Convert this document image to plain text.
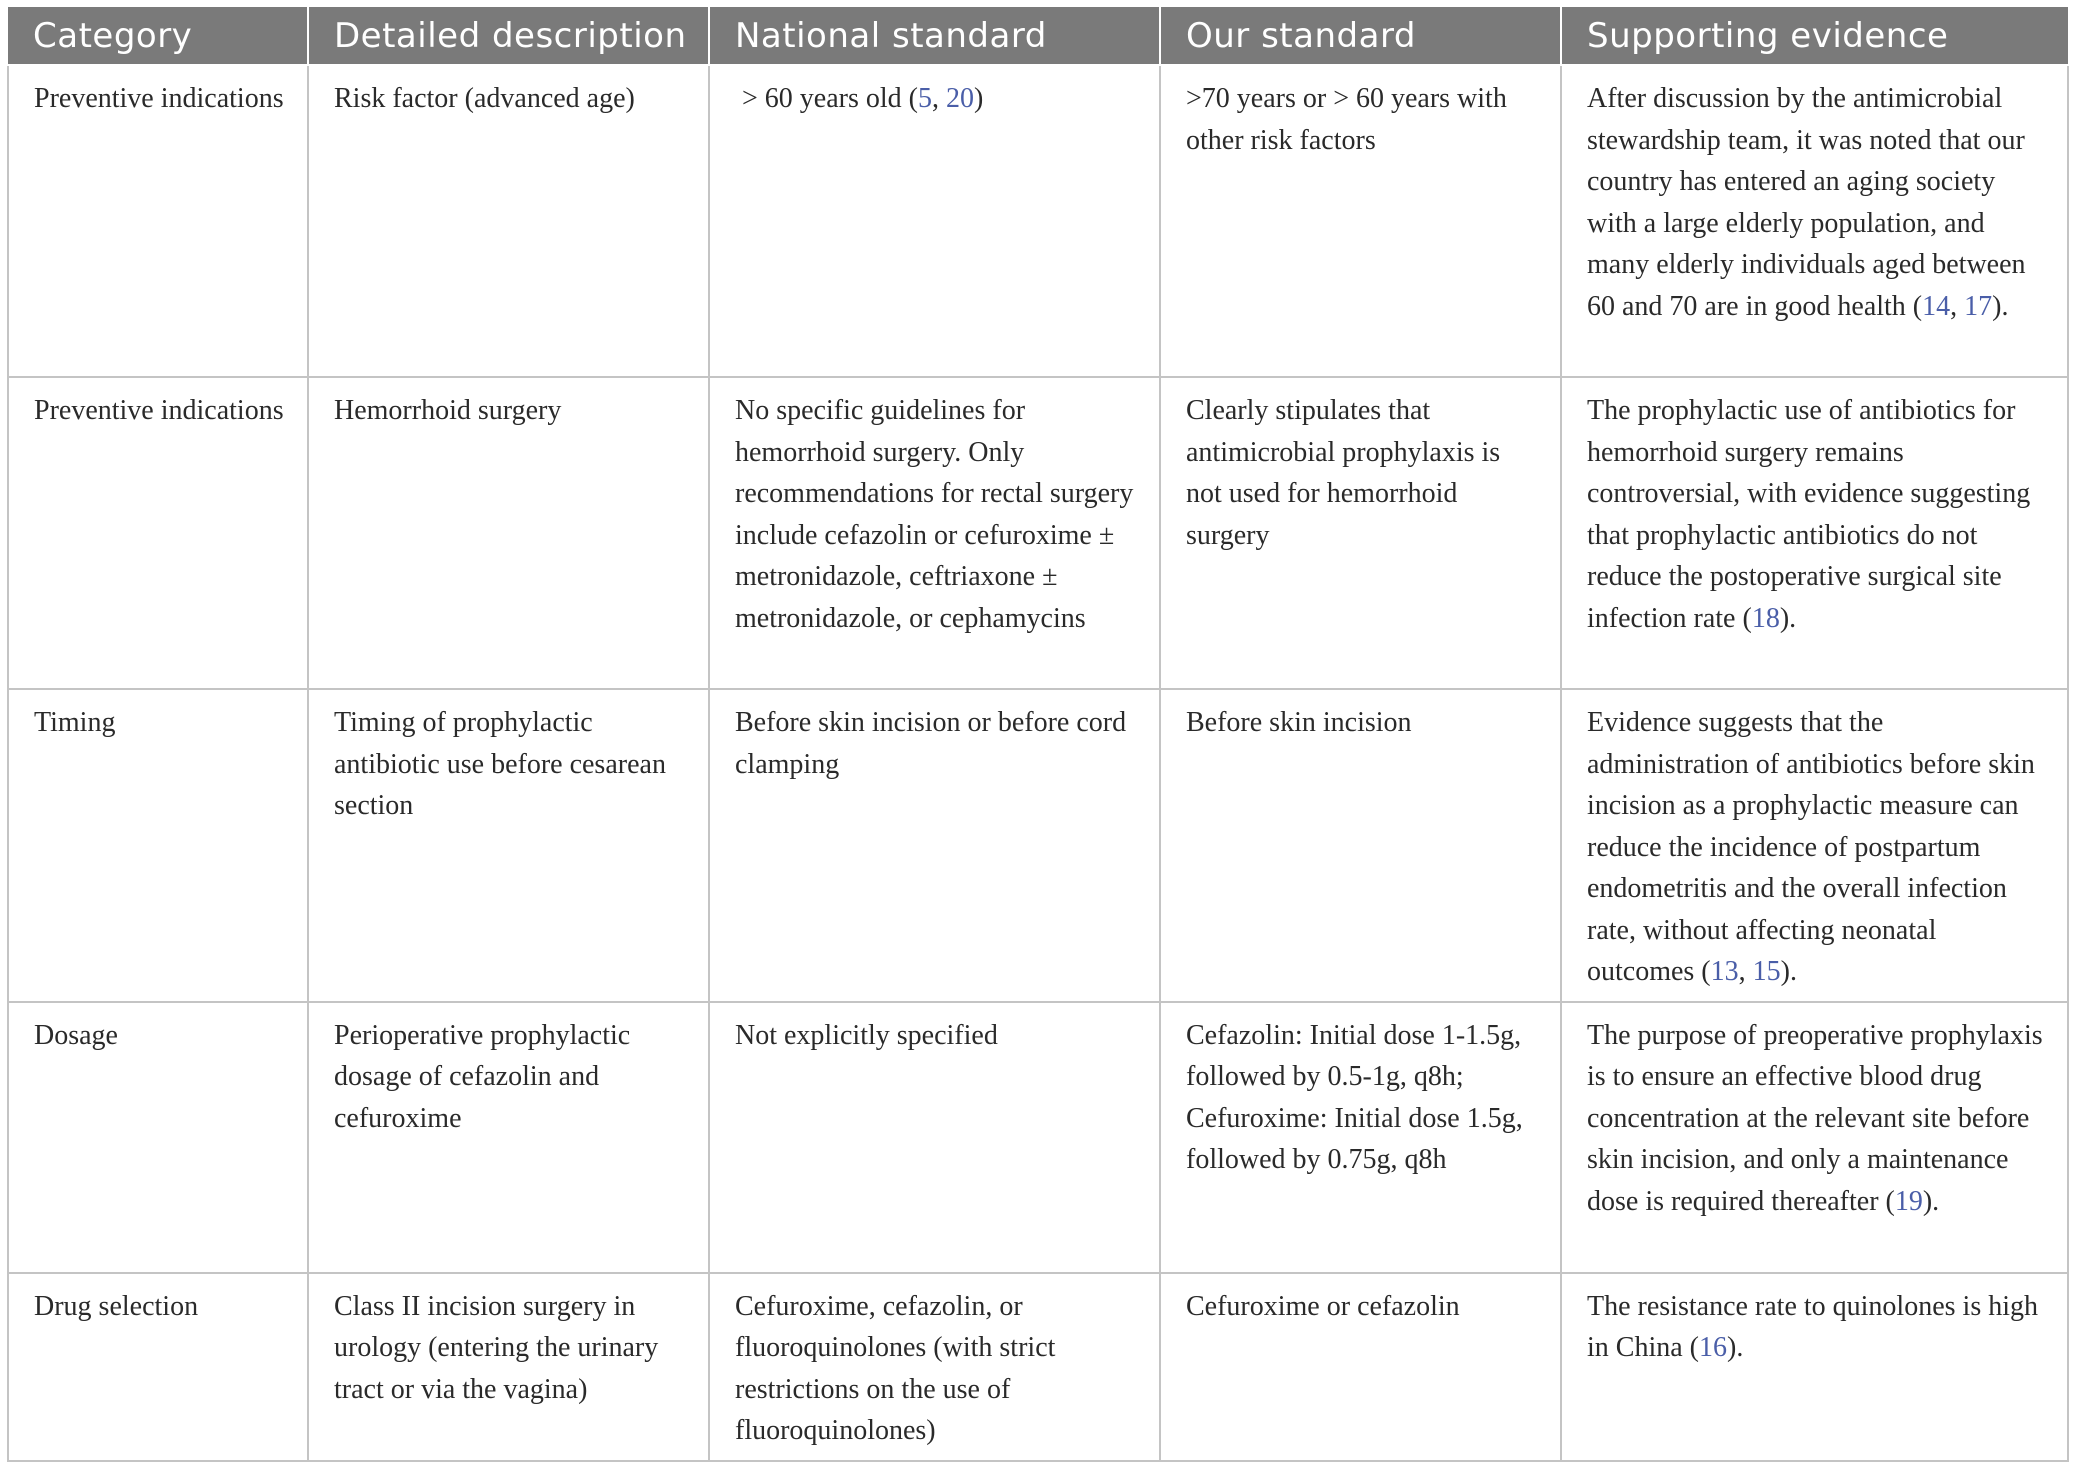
Category	Detailed description	National standard	Our standard	Supporting evidence
Preventive indications	Risk factor (advanced age)	> 60 years old (5, 20)	>70 years or > 60 years with other risk factors	After discussion by the antimicrobial stewardship team, it was noted that our country has entered an aging society with a large elderly population, and many elderly individuals aged between 60 and 70 are in good health (14, 17).
Preventive indications	Hemorrhoid surgery	No specific guidelines for hemorrhoid surgery. Only recommendations for rectal surgery include cefazolin or cefuroxime ± metronidazole, ceftriaxone ± metronidazole, or cephamycins	Clearly stipulates that antimicrobial prophylaxis is not used for hemorrhoid surgery	The prophylactic use of antibiotics for hemorrhoid surgery remains controversial, with evidence suggesting that prophylactic antibiotics do not reduce the postoperative surgical site infection rate (18).
Timing	Timing of prophylactic antibiotic use before cesarean section	Before skin incision or before cord clamping	Before skin incision	Evidence suggests that the administration of antibiotics before skin incision as a prophylactic measure can reduce the incidence of postpartum endometritis and the overall infection rate, without affecting neonatal outcomes (13, 15).
Dosage	Perioperative prophylactic dosage of cefazolin and cefuroxime	Not explicitly specified	Cefazolin: Initial dose 1-1.5g, followed by 0.5-1g, q8h; Cefuroxime: Initial dose 1.5g, followed by 0.75g, q8h	The purpose of preoperative prophylaxis is to ensure an effective blood drug concentration at the relevant site before skin incision, and only a maintenance dose is required thereafter (19).
Drug selection	Class II incision surgery in urology (entering the urinary tract or via the vagina)	Cefuroxime, cefazolin, or fluoroquinolones (with strict restrictions on the use of fluoroquinolones)	Cefuroxime or cefazolin	The resistance rate to quinolones is high in China (16).
